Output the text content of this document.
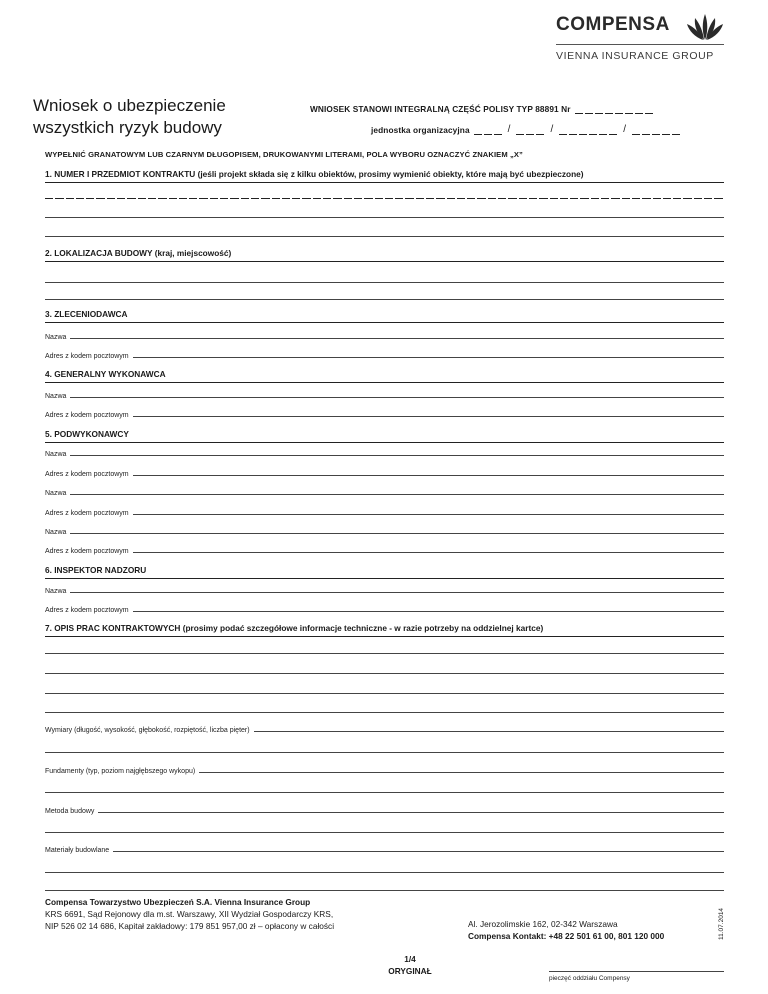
COMPENSA
VIENNA INSURANCE GROUP
Wniosek o ubezpieczenie
wszystkich ryzyk budowy
WNIOSEK STANOWI INTEGRALNĄ CZĘŚĆ POLISY TYP 88891 Nr
jednostka organizacyjna	/	/	/
WYPEŁNIĆ GRANATOWYM LUB CZARNYM DŁUGOPISEM, DRUKOWANYMI LITERAMI, POLA WYBORU OZNACZYĆ ZNAKIEM „X”
1. NUMER I PRZEDMIOT KONTRAKTU (jeśli projekt składa się z kilku obiektów, prosimy wymienić obiekty, które mają być ubezpieczone)
2. LOKALIZACJA BUDOWY (kraj, miejscowość)
3. ZLECENIODAWCA
Nazwa
Adres z kodem pocztowym
4. GENERALNY WYKONAWCA
Nazwa
Adres z kodem pocztowym
5. PODWYKONAWCY
Nazwa
Adres z kodem pocztowym
Nazwa
Adres z kodem pocztowym
Nazwa
Adres z kodem pocztowym
6. INSPEKTOR NADZORU
Nazwa
Adres z kodem pocztowym
7. OPIS PRAC KONTRAKTOWYCH (prosimy podać szczegółowe informacje techniczne - w razie potrzeby na oddzielnej kartce)
Wymiary (długość, wysokość, głębokość, rozpiętość, liczba pięter)
Fundamenty (typ, poziom najgłębszego wykopu)
Metoda budowy
Materiały budowlane
Compensa Towarzystwo Ubezpieczeń S.A. Vienna Insurance Group
KRS 6691, Sąd Rejonowy dla m.st. Warszawy, XII Wydział Gospodarczy KRS,
NIP 526 02 14 686, Kapitał zakładowy: 179 851 957,00 zł – opłacony w całości	Al. Jerozolimskie 162, 02-342 Warszawa
Compensa Kontakt: +48 22 501 61 00, 801 120 000	11.07.2014
1/4
ORYGINAŁ
pieczęć oddziału Compensy
